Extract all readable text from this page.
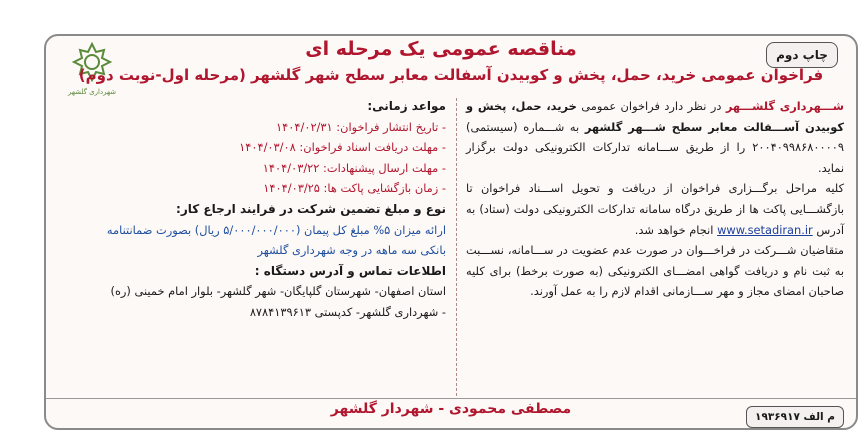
شهرداری گلشهر
چاپ دوم
مناقصه عمومی یک مرحله ای
فراخوان عمومی خرید، حمل، پخش و کوبیدن آسفالت معابر سطح شهر گلشهر (مرحله اول-نوبت دوم)

شـــهرداری گلشـــهر در نظر دارد فراخوان عمومی خرید، حمل، پخش و کوبیدن آســـفالت معابر سطح شـــهر گلشهر به شـــماره (سیستمی) ۲۰۰۴۰۹۹۸۶۸۰۰۰۰۹ را از طریق ســـامانه تدارکات الکترونیکی دولت برگزار نماید.

کلیه مراحل برگـــزاری فراخوان از دریافت و تحویل اســـناد فراخوان تا بازگشـــایی پاکت ها از طریق درگاه سامانه تدارکات الکترونیکی دولت (ستاد) به آدرس www.setadiran.ir انجام خواهد شد.

متقاضیان شـــرکت در فراخـــوان در صورت عدم عضویت در ســـامانه، نســـبت به ثبت نام و دریافت گواهی امضـــای الکترونیکی (به صورت برخط) برای کلیه صاحبان امضای مجاز و مهر ســـازمانی اقدام لازم را به عمل آورند.

مواعد زمانی:
- تاریخ انتشار فراخوان: ۱۴۰۴/۰۲/۳۱
- مهلت دریافت اسناد فراخوان: ۱۴۰۴/۰۳/۰۸
- مهلت ارسال پیشنهادات: ۱۴۰۴/۰۳/۲۲
- زمان بازگشایی پاکت ها: ۱۴۰۴/۰۳/۲۵
نوع و مبلغ تضمین شرکت در فرایند ارجاع کار:
ارائه میزان ۵% مبلغ کل پیمان (۵/۰۰۰/۰۰۰/۰۰۰ ریال) بصورت ضمانتنامه
بانکی سه ماهه در وجه شهرداری گلشهر
اطلاعات تماس و آدرس دستگاه :
استان اصفهان- شهرستان گلپایگان- شهر گلشهر- بلوار امام خمینی (ره)
- شهرداری گلشهر- کدپستی ۸۷۸۴۱۳۹۶۱۳
مصطفی محمودی - شهردار گلشهر	م الف ۱۹۳۶۹۱۷
